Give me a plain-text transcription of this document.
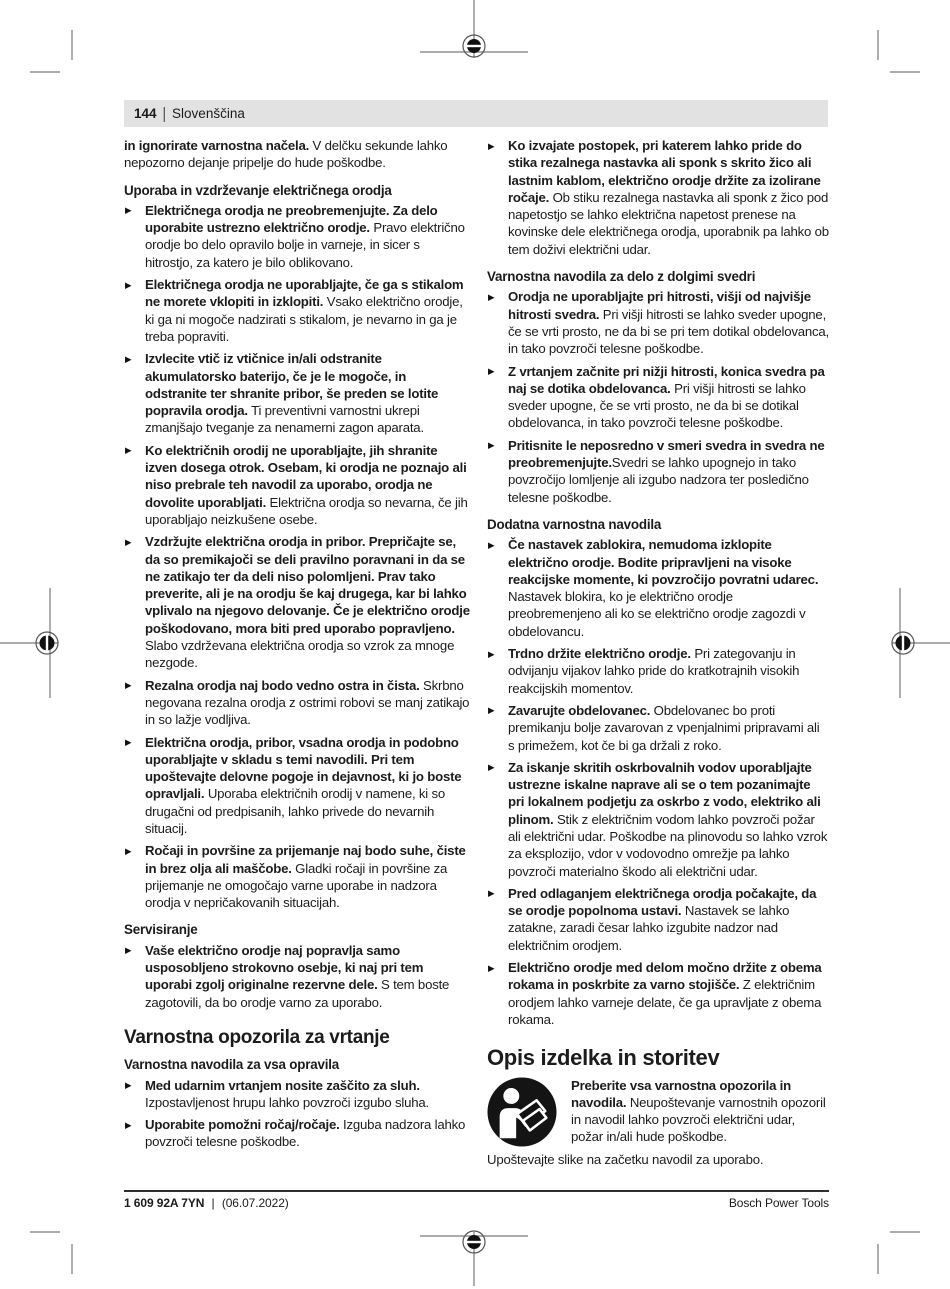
144 | Slovenščina

in ignorirate varnostna načela. V delčku sekunde lahko nepozorno dejanje pripelje do hude poškodbe.

Uporaba in vzdrževanje električnega orodja
▶ Električnega orodja ne preobremenjujte. Za delo uporabite ustrezno električno orodje. Pravo električno orodje bo delo opravilo bolje in varneje, in sicer s hitrostjo, za katero je bilo oblikovano.

▶ Električnega orodja ne uporabljajte, če ga s stikalom ne morete vklopiti in izklopiti. Vsako električno orodje, ki ga ni mogoče nadzirati s stikalom, je nevarno in ga je treba popraviti.

▶ Izvlecite vtič iz vtičnice in/ali odstranite akumulatorsko baterijo, če je le mogoče, in odstranite ter shranite pribor, še preden se lotite popravila orodja. Ti preventivni varnostni ukrepi zmanjšajo tveganje za nenamerni zagon aparata.

▶ Ko električnih orodij ne uporabljajte, jih shranite izven dosega otrok. Osebam, ki orodja ne poznajo ali niso prebrale teh navodil za uporabo, orodja ne dovolite uporabljati. Električna orodja so nevarna, če jih uporabljajo neizkušene osebe.

▶ Vzdržujte električna orodja in pribor. Prepričajte se, da so premikajoči se deli pravilno poravnani in da se ne zatikajo ter da deli niso polomljeni. Prav tako preverite, ali je na orodju še kaj drugega, kar bi lahko vplivalo na njegovo delovanje. Če je električno orodje poškodovano, mora biti pred uporabo popravljeno. Slabo vzdrževana električna orodja so vzrok za mnoge nezgode.

▶ Rezalna orodja naj bodo vedno ostra in čista. Skrbno negovana rezalna orodja z ostrimi robovi se manj zatikajo in so lažje vodljiva.

▶ Električna orodja, pribor, vsadna orodja in podobno uporabljajte v skladu s temi navodili. Pri tem upoštevajte delovne pogoje in dejavnost, ki jo boste opravljali. Uporaba električnih orodij v namene, ki so drugačni od predpisanih, lahko privede do nevarnih situacij.

▶ Ročaji in površine za prijemanje naj bodo suhe, čiste in brez olja ali maščobe. Gladki ročaji in površine za prijemanje ne omogočajo varne uporabe in nadzora orodja v nepričakovanih situacijah.

Servisiranje
▶ Vaše električno orodje naj popravlja samo usposobljeno strokovno osebje, ki naj pri tem uporabi zgolj originalne rezervne dele. S tem boste zagotovili, da bo orodje varno za uporabo.

Varnostna opozorila za vrtanje
Varnostna navodila za vsa opravila
▶ Med udarnim vrtanjem nosite zaščito za sluh. Izpostavljenost hrupu lahko povzroči izgubo sluha.

▶ Uporabite pomožni ročaj/ročaje. Izguba nadzora lahko povzroči telesne poškodbe.

▶ Ko izvajate postopek, pri katerem lahko pride do stika rezalnega nastavka ali sponk s skrito žico ali lastnim kablom, električno orodje držite za izolirane ročaje. Ob stiku rezalnega nastavka ali sponk z žico pod napetostjo se lahko električna napetost prenese na kovinske dele električnega orodja, uporabnik pa lahko ob tem doživi električni udar.

Varnostna navodila za delo z dolgimi svedri
▶ Orodja ne uporabljajte pri hitrosti, višji od najvišje hitrosti svedra. Pri višji hitrosti se lahko sveder upogne, če se vrti prosto, ne da bi se pri tem dotikal obdelovanca, in tako povzroči telesne poškodbe.

▶ Z vrtanjem začnite pri nižji hitrosti, konica svedra pa naj se dotika obdelovanca. Pri višji hitrosti se lahko sveder upogne, če se vrti prosto, ne da bi se dotikal obdelovanca, in tako povzroči telesne poškodbe.

▶ Pritisnite le neposredno v smeri svedra in svedra ne preobremenjujte.Svedri se lahko upognejo in tako povzročijo lomljenje ali izgubo nadzora ter posledično telesne poškodbe.

Dodatna varnostna navodila
▶ Če nastavek zablokira, nemudoma izklopite električno orodje. Bodite pripravljeni na visoke reakcijske momente, ki povzročijo povratni udarec. Nastavek blokira, ko je električno orodje preobremenjeno ali ko se električno orodje zagozdi v obdelovancu.

▶ Trdno držite električno orodje. Pri zategovanju in odvijanju vijakov lahko pride do kratkotrajnih visokih reakcijskih momentov.

▶ Zavarujte obdelovanec. Obdelovanec bo proti premikanju bolje zavarovan z vpenjalnimi pripravami ali s primežem, kot če bi ga držali z roko.

▶ Za iskanje skritih oskrbovalnih vodov uporabljajte ustrezne iskalne naprave ali se o tem pozanimajte pri lokalnem podjetju za oskrbo z vodo, elektriko ali plinom. Stik z električnim vodom lahko povzroči požar ali električni udar. Poškodbe na plinovodu so lahko vzrok za eksplozijo, vdor v vodovodno omrežje pa lahko povzroči materialno škodo ali električni udar.

▶ Pred odlaganjem električnega orodja počakajte, da se orodje popolnoma ustavi. Nastavek se lahko zatakne, zaradi česar lahko izgubite nadzor nad električnim orodjem.

▶ Električno orodje med delom močno držite z obema rokama in poskrbite za varno stojišče. Z električnim orodjem lahko varneje delate, če ga upravljate z obema rokama.

Opis izdelka in storitev

Preberite vsa varnostna opozorila in navodila. Neupoštevanje varnostnih opozoril in navodil lahko povzroči električni udar, požar in/ali hude poškodbe.

Upoštevajte slike na začetku navodil za uporabo.

1 609 92A 7YN | (06.07.2022)	Bosch Power Tools
